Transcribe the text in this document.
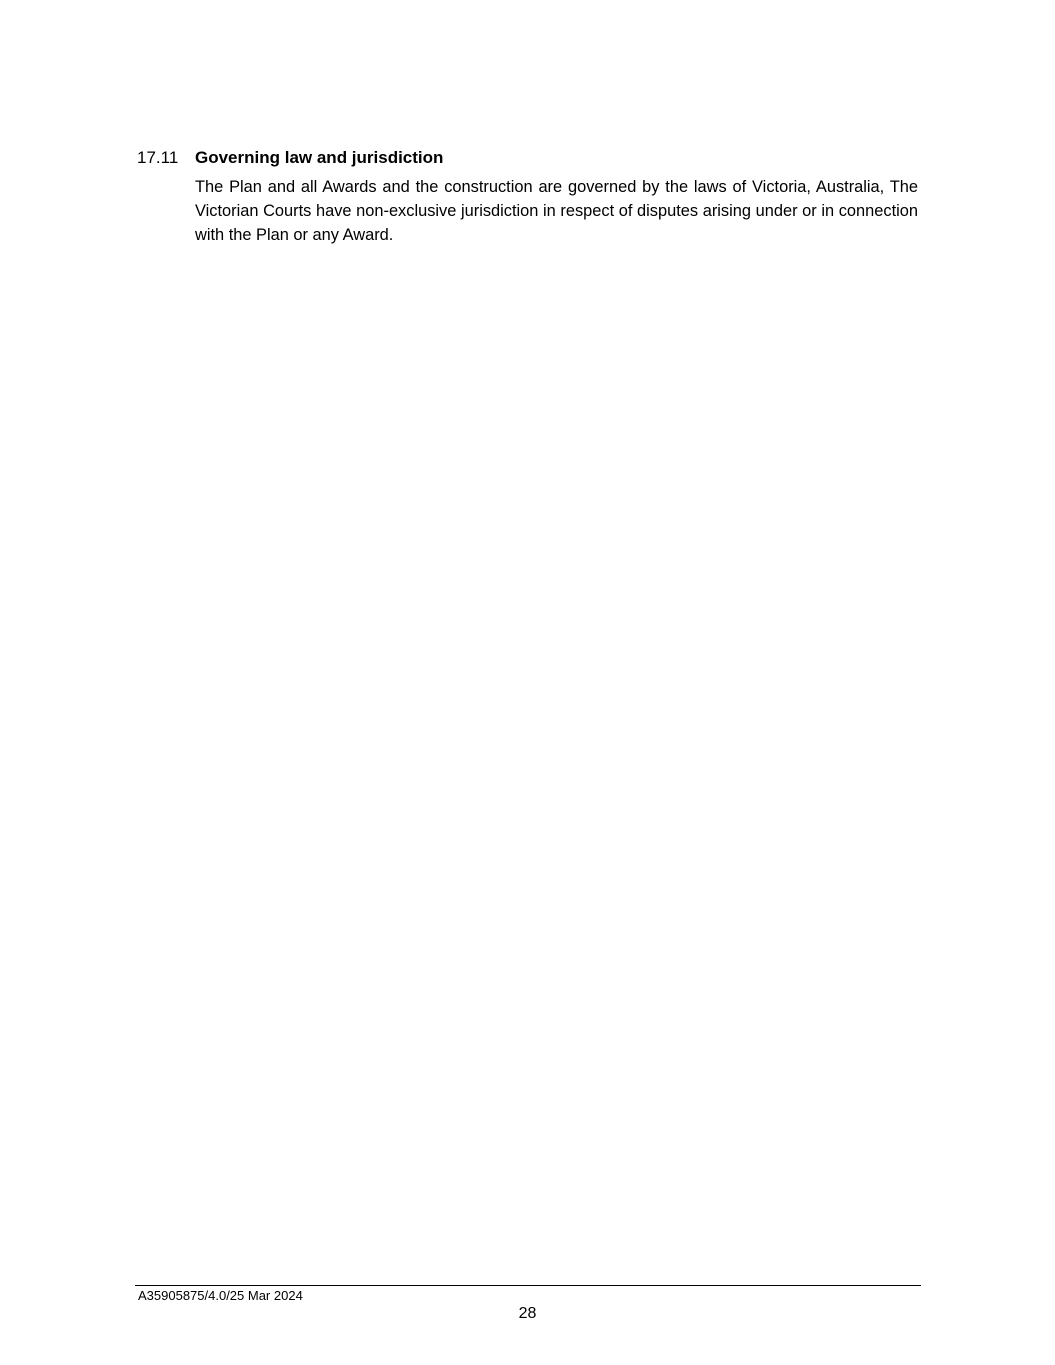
17.11 Governing law and jurisdiction
The Plan and all Awards and the construction are governed by the laws of Victoria, Australia, The Victorian Courts have non-exclusive jurisdiction in respect of disputes arising under or in connection with the Plan or any Award.
A35905875/4.0/25 Mar 2024
28
